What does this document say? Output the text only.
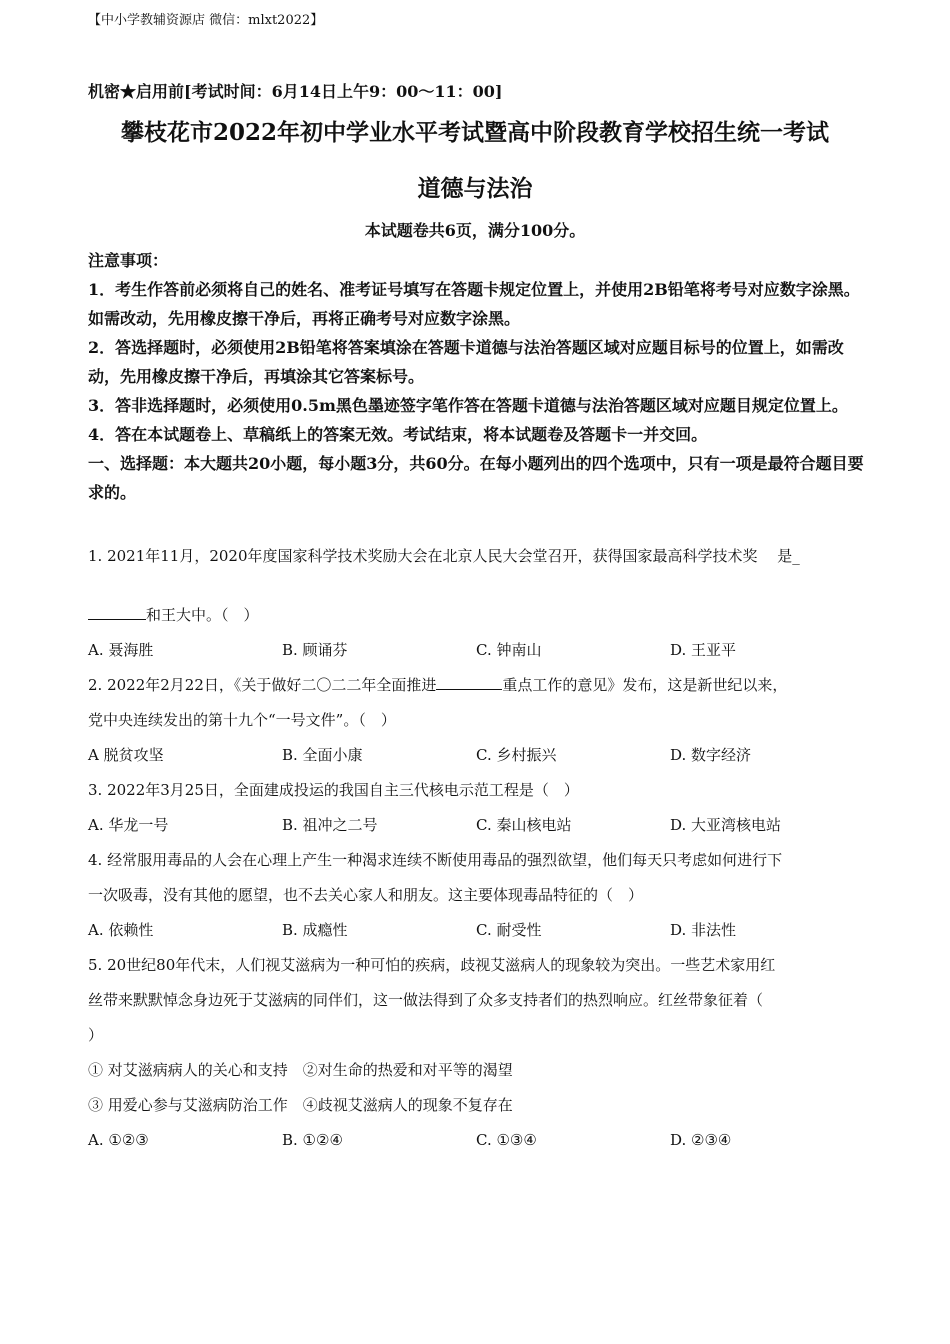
【中小学教辅资源店 微信：mlxt2022】
机密★启用前[考试时间：6月14日上午9：00～11：00]
攀枝花市2022年初中学业水平考试暨高中阶段教育学校招生统一考试
道德与法治
本试题卷共6页，满分100分。

注意事项：

1．考生作答前必须将自己的姓名、准考证号填写在答题卡规定位置上，并使用2B铅笔将考号对应数字涂黑。如需改动，先用橡皮擦干净后，再将正确考号对应数字涂黑。

2．答选择题时，必须使用2B铅笔将答案填涂在答题卡道德与法治答题区域对应题目标号的位置上，如需改动，先用橡皮擦干净后，再填涂其它答案标号。

3．答非选择题时，必须使用0.5m黑色墨迹签字笔作答在答题卡道德与法治答题区域对应题目规定位置上。

4．答在本试题卷上、草稿纸上的答案无效。考试结束，将本试题卷及答题卡一并交回。

一、选择题：本大题共20小题，每小题3分，共60分。在每小题列出的四个选项中，只有一项是最符合题目要求的。

1. 2021年11月，2020年度国家科学技术奖励大会在北京人民大会堂召开，获得国家最高科学技术奖　 是_

和王大中。（　）

A. 聂海胜	B. 顾诵芬	C. 钟南山	D. 王亚平

2. 2022年2月22日，《关于做好二〇二二年全面推进	重点工作的意见》发布，这是新世纪以来，

党中央连续发出的第十九个“一号文件”。（　）

A 脱贫攻坚	B. 全面小康	C. 乡村振兴	D. 数字经济

3. 2022年3月25日，全面建成投运的我国自主三代核电示范工程是（　）

A. 华龙一号	B. 祖冲之二号	C. 秦山核电站	D. 大亚湾核电站

4. 经常服用毒品的人会在心理上产生一种渴求连续不断使用毒品的强烈欲望，他们每天只考虑如何进行下

一次吸毒，没有其他的愿望，也不去关心家人和朋友。这主要体现毒品特征的（　）

A. 依赖性	B. 成瘾性	C. 耐受性	D. 非法性

5. 20世纪80年代末，人们视艾滋病为一种可怕的疾病，歧视艾滋病人的现象较为突出。一些艺术家用红

丝带来默默悼念身边死于艾滋病的同伴们，这一做法得到了众多支持者们的热烈响应。红丝带象征着（

）

① 对艾滋病病人的关心和支持　②对生命的热爱和对平等的渴望

③ 用爱心参与艾滋病防治工作　④歧视艾滋病人的现象不复存在

A. ①②③	B. ①②④	C. ①③④	D. ②③④
